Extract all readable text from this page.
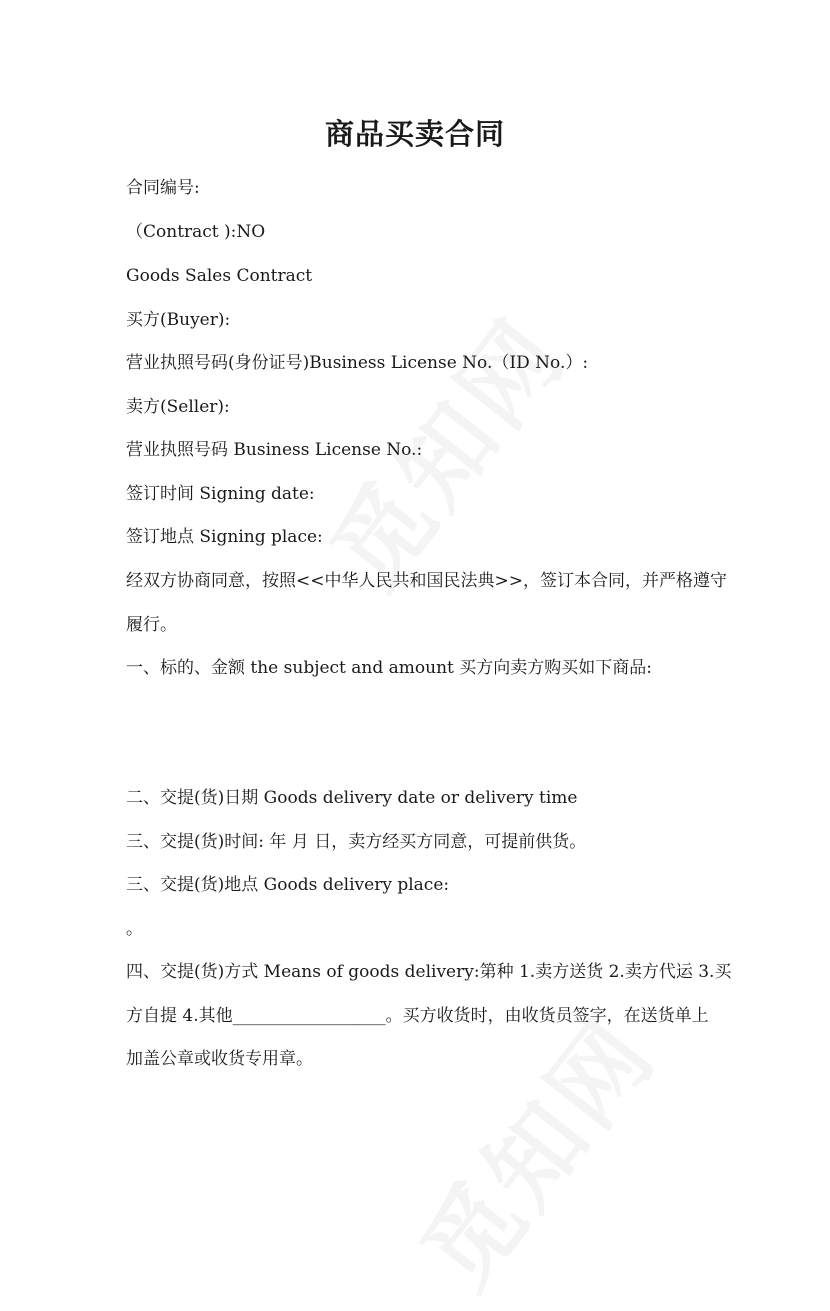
商品买卖合同

合同编号:

（Contract ):NO

Goods Sales Contract

买方(Buyer):

营业执照号码(身份证号)Business License No.（ID No.）:

卖方(Seller):

营业执照号码 Business License No.:

签订时间 Signing date:

签订地点 Signing place:

经双方协商同意，按照<<中华人民共和国民法典>>，签订本合同，并严格遵守

履行。

一、标的、金额 the subject and amount 买方向卖方购买如下商品:

二、交提(货)日期 Goods delivery date or delivery time

三、交提(货)时间: 年 月 日，卖方经买方同意，可提前供货。

三、交提(货)地点 Goods delivery place:

。

四、交提(货)方式 Means of goods delivery:第种 1.卖方送货 2.卖方代运 3.买

方自提 4.其他__________________。买方收货时，由收货员签字，在送货单上

加盖公章或收货专用章。
